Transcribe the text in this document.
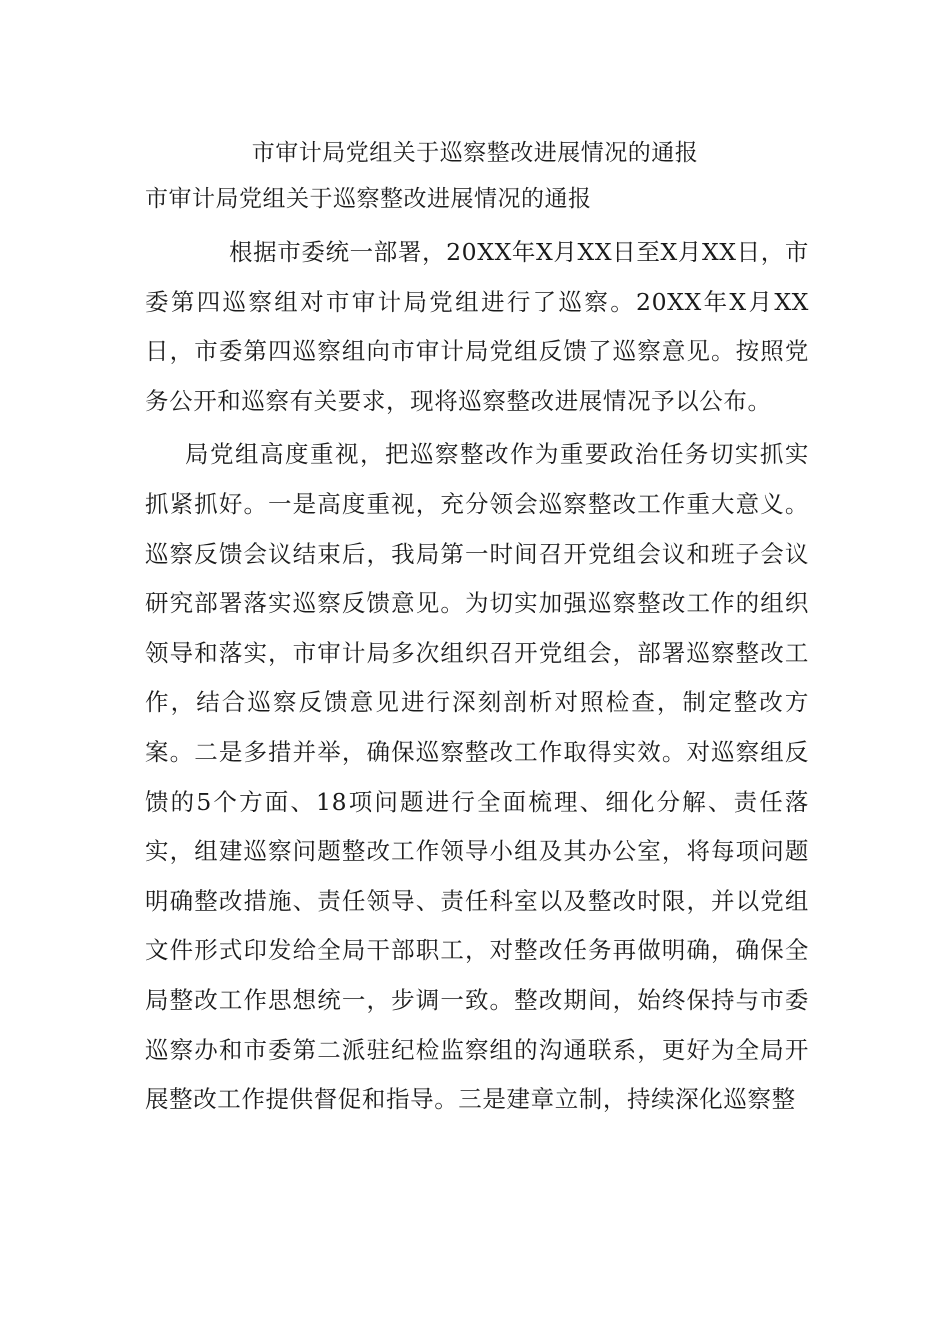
市审计局党组关于巡察整改进展情况的通报

市审计局党组关于巡察整改进展情况的通报

根据市委统一部署，20XX年X月XX日至X月XX日，市委第四巡察组对市审计局党组进行了巡察。20XX年X月XX日，市委第四巡察组向市审计局党组反馈了巡察意见。按照党务公开和巡察有关要求，现将巡察整改进展情况予以公布。

局党组高度重视，把巡察整改作为重要政治任务切实抓实抓紧抓好。一是高度重视，充分领会巡察整改工作重大意义。巡察反馈会议结束后，我局第一时间召开党组会议和班子会议研究部署落实巡察反馈意见。为切实加强巡察整改工作的组织领导和落实，市审计局多次组织召开党组会，部署巡察整改工作，结合巡察反馈意见进行深刻剖析对照检查，制定整改方案。二是多措并举，确保巡察整改工作取得实效。对巡察组反馈的5个方面、18项问题进行全面梳理、细化分解、责任落实，组建巡察问题整改工作领导小组及其办公室，将每项问题明确整改措施、责任领导、责任科室以及整改时限，并以党组文件形式印发给全局干部职工，对整改任务再做明确，确保全局整改工作思想统一，步调一致。整改期间，始终保持与市委巡察办和市委第二派驻纪检监察组的沟通联系，更好为全局开展整改工作提供督促和指导。三是建章立制，持续深化巡察整
